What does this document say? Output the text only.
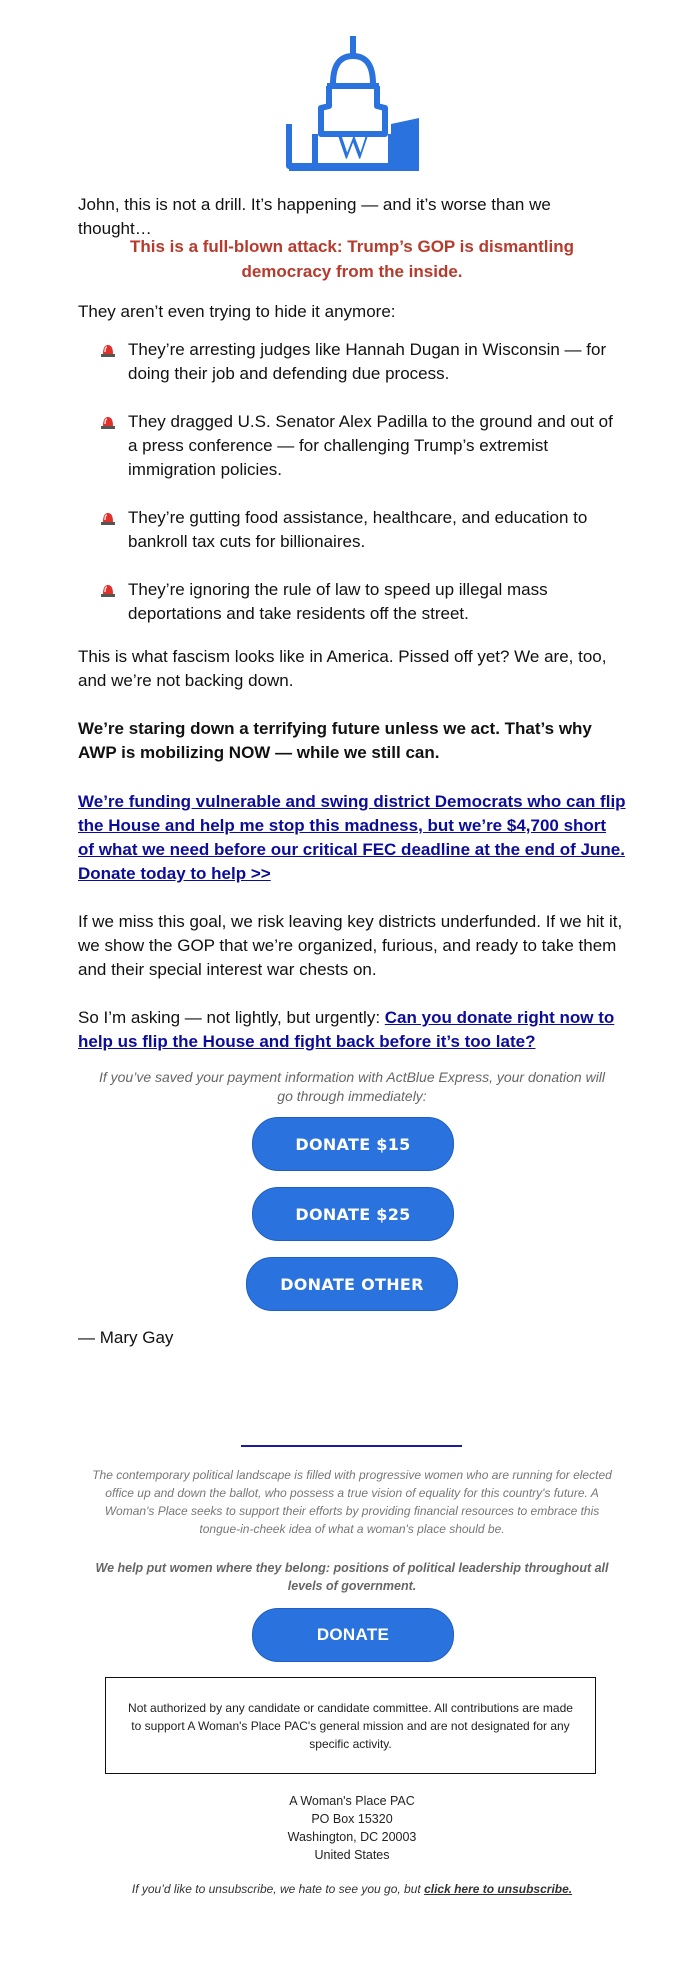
W

John, this is not a drill. It’s happening — and it’s worse than we thought…

This is a full-blown attack: Trump’s GOP is dismantling democracy from the inside.

They aren’t even trying to hide it anymore:

They’re arresting judges like Hannah Dugan in Wisconsin — for doing their job and defending due process.
They dragged U.S. Senator Alex Padilla to the ground and out of a press conference — for challenging Trump’s extremist immigration policies.
They’re gutting food assistance, healthcare, and education to bankroll tax cuts for billionaires.
They’re ignoring the rule of law to speed up illegal mass deportations and take residents off the street.

This is what fascism looks like in America. Pissed off yet? We are, too, and we’re not backing down.

We’re staring down a terrifying future unless we act. That’s why AWP is mobilizing NOW — while we still can.

We’re funding vulnerable and swing district Democrats who can flip the House and help me stop this madness, but we’re $4,700 short of what we need before our critical FEC deadline at the end of June. Donate today to help >>

If we miss this goal, we risk leaving key districts underfunded. If we hit it, we show the GOP that we’re organized, furious, and ready to take them and their special interest war chests on.

So I’m asking — not lightly, but urgently: Can you donate right now to help us flip the House and fight back before it’s too late?

If you’ve saved your payment information with ActBlue Express, your donation will go through immediately:

DONATE $15
DONATE $25
DONATE OTHER

— Mary Gay

The contemporary political landscape is filled with progressive women who are running for elected office up and down the ballot, who possess a true vision of equality for this country's future. A Woman's Place seeks to support their efforts by providing financial resources to embrace this tongue-in-cheek idea of what a woman's place should be.

We help put women where they belong: positions of political leadership throughout all levels of government.

DONATE

Not authorized by any candidate or candidate committee. All contributions are made to support A Woman's Place PAC's general mission and are not designated for any specific activity.

A Woman's Place PAC
PO Box 15320
Washington, DC 20003
United States

If you’d like to unsubscribe, we hate to see you go, but click here to unsubscribe.
